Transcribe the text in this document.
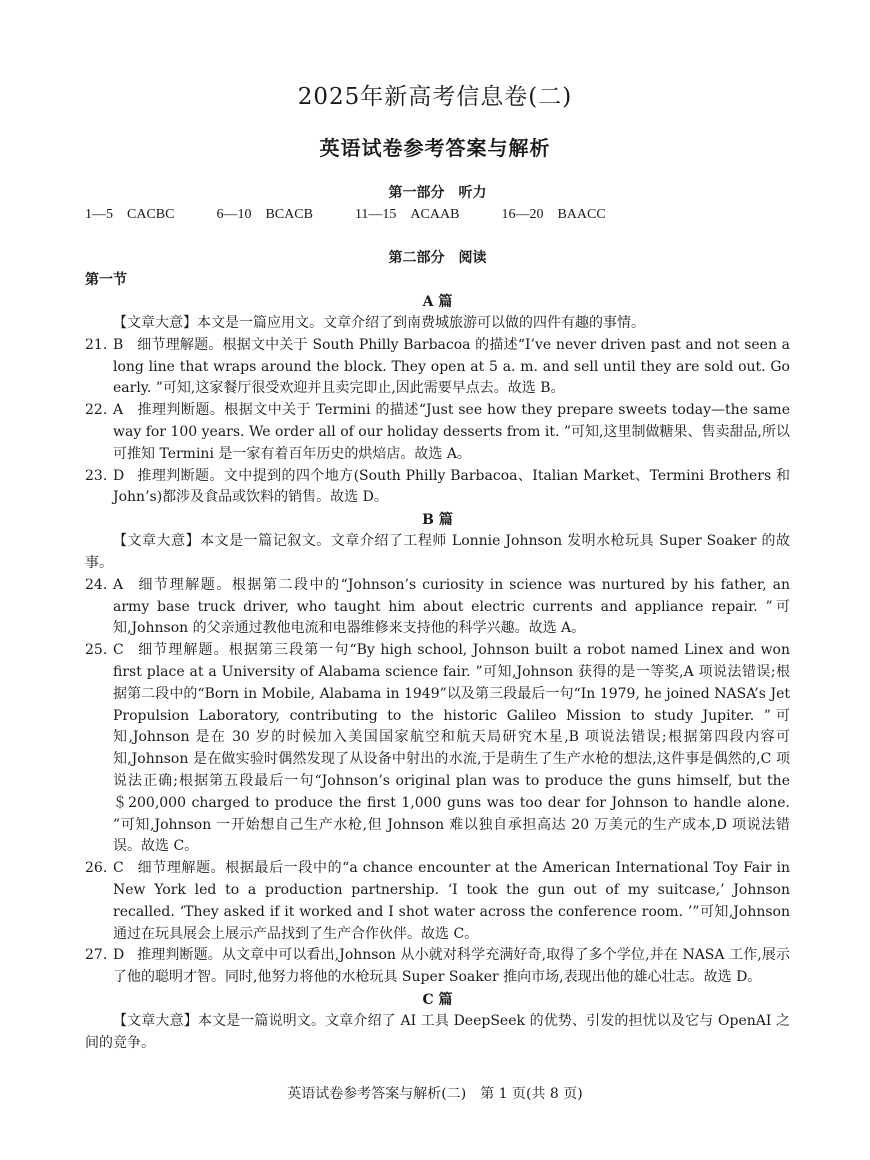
2025年新高考信息卷(二)
英语试卷参考答案与解析
第一部分　听力
1—5 CACBC	6—10 BCACB	11—15 ACAAB	16—20 BAACC
第二部分　阅读
第一节
A 篇

【文章大意】本文是一篇应用文。文章介绍了到南费城旅游可以做的四件有趣的事情。

21. B 细节理解题。根据文中关于 South Philly Barbacoa 的描述“I’ve never driven past and not seen a long line that wraps around the block. They open at 5 a. m. and sell until they are sold out. Go early. ”可知,这家餐厅很受欢迎并且卖完即止,因此需要早点去。故选 B。

22. A 推理判断题。根据文中关于 Termini 的描述“Just see how they prepare sweets today—the same way for 100 years. We order all of our holiday desserts from it. ”可知,这里制做糖果、售卖甜品,所以可推知 Termini 是一家有着百年历史的烘焙店。故选 A。

23. D 推理判断题。文中提到的四个地方(South Philly Barbacoa、Italian Market、Termini Brothers 和 John’s)都涉及食品或饮料的销售。故选 D。

B 篇

【文章大意】本文是一篇记叙文。文章介绍了工程师 Lonnie Johnson 发明水枪玩具 Super Soaker 的故事。

24. A 细节理解题。根据第二段中的“Johnson’s curiosity in science was nurtured by his father, an army base truck driver, who taught him about electric currents and appliance repair. ”可知,Johnson 的父亲通过教他电流和电器维修来支持他的科学兴趣。故选 A。

25. C 细节理解题。根据第三段第一句“By high school, Johnson built a robot named Linex and won first place at a University of Alabama science fair. ”可知,Johnson 获得的是一等奖,A 项说法错误;根据第二段中的“Born in Mobile, Alabama in 1949”以及第三段最后一句“In 1979, he joined NASA’s Jet Propulsion Laboratory, contributing to the historic Galileo Mission to study Jupiter. ”可知,Johnson 是在 30 岁的时候加入美国国家航空和航天局研究木星,B 项说法错误;根据第四段内容可知,Johnson 是在做实验时偶然发现了从设备中射出的水流,于是萌生了生产水枪的想法,这件事是偶然的,C 项说法正确;根据第五段最后一句“Johnson’s original plan was to produce the guns himself, but the ＄200,000 charged to produce the first 1,000 guns was too dear for Johnson to handle alone. ”可知,Johnson 一开始想自己生产水枪,但 Johnson 难以独自承担高达 20 万美元的生产成本,D 项说法错误。故选 C。

26. C 细节理解题。根据最后一段中的“a chance encounter at the American International Toy Fair in New York led to a production partnership. ‘I took the gun out of my suitcase,’ Johnson recalled. ‘They asked if it worked and I shot water across the conference room. ’”可知,Johnson 通过在玩具展会上展示产品找到了生产合作伙伴。故选 C。

27. D 推理判断题。从文章中可以看出,Johnson 从小就对科学充满好奇,取得了多个学位,并在 NASA 工作,展示了他的聪明才智。同时,他努力将他的水枪玩具 Super Soaker 推向市场,表现出他的雄心壮志。故选 D。

C 篇

【文章大意】本文是一篇说明文。文章介绍了 AI 工具 DeepSeek 的优势、引发的担忧以及它与 OpenAI 之间的竞争。

英语试卷参考答案与解析(二)　第 1 页(共 8 页)
